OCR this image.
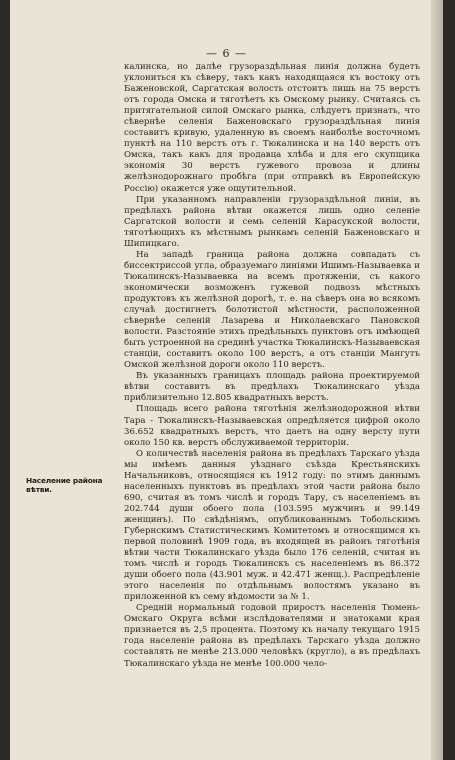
— 6 —
Население района вѣтви.

калинска, но далѣе грузораздѣльная линія должна будетъ уклониться къ сѣверу, такъ какъ находящаяся къ востоку отъ Баженовской, Саргатская волость отстоитъ лишь на 75 верстъ отъ города Омска и тяготѣетъ къ Омскому рынку. Считаясь съ притягательной силой Омскаго рынка, слѣдуетъ признать, что сѣвернѣе селенія Баженовскаго грузораздѣльная линія составитъ кривую, удаленную въ своемъ наиболѣе восточномъ пунктѣ на 110 верстъ отъ г. Тюкалинска и на 140 верстъ отъ Омска, такъ какъ для продавца хлѣба и для его скупщика экономія 30 верстъ гужевого провоза и длины желѣзнодорожнаго пробѣга (при отправкѣ въ Европейскую Россію) окажется уже ощутительной.

При указанномъ направленіи грузораздѣльной линіи, въ предѣлахъ района вѣтви окажется лишь одно селеніе Саргатской волости и семь селеній Карасукской волости, тяготѣющихъ къ мѣстнымъ рынкамъ селеній Баженовскаго и Шипицкаго.

На западѣ граница района должна совпадать съ биссектриссой угла, образуемаго линіями Ишимъ-Называевка и Тюкалинскъ-Называевка на всемъ протяженіи, съ какого экономически возможенъ гужевой подвозъ мѣстныхъ продуктовъ къ желѣзной дорогѣ, т. е. на сѣверъ она во всякомъ случаѣ достигнетъ болотистой мѣстности, расположенной сѣвернѣе селеній Лазарева и Николаевскаго Пановской волости. Разстояніе этихъ предѣльныхъ пунктовъ отъ имѣющей быть устроенной на срединѣ участка Тюкалинскъ-Называевская станціи, составитъ около 100 верстъ, а отъ станціи Мангутъ Омской желѣзной дороги около 110 верстъ.

Въ указанныхъ границахъ площадь района проектируемой вѣтви составитъ въ предѣлахъ Тюкалинскаго уѣзда приблизительно 12.805 квадратныхъ верстъ.

Площадь всего района тяготѣнія желѣзнодорожной вѣтви Тара - Тюкалинскъ-Называевская опредѣляется цифрой около 36.652 квадратныхъ верстъ, что даетъ на одну версту пути около 150 кв. верстъ обслуживаемой территоріи.

О количествѣ населенія района въ предѣлахъ Тарскаго уѣзда мы имѣемъ данныя уѣзднаго съѣзда Крестьянскихъ Начальниковъ, относящіяся къ 1912 году: по этимъ даннымъ населенныхъ пунктовъ въ предѣлахъ этой части района было 690, считая въ томъ числѣ и городъ Тару, съ населеніемъ въ 202.744 души обоего пола (103.595 мужчинъ и 99.149 женщинъ). По свѣдѣніямъ, опубликованнымъ Тобольскимъ Губернскимъ Статистическимъ Комитетомъ и относящимся къ первой половинѣ 1909 года, въ входящей въ районъ тяготѣнія вѣтви части Тюкалинскаго уѣзда было 176 селеній, считая въ томъ числѣ и городъ Тюкалинскъ съ населеніемъ въ 86.372 души обоего пола (43.901 муж. и 42.471 женщ.). Распредѣленіе этого населенія по отдѣльнымъ волостямъ указано въ приложенной къ сему вѣдомости за № 1.

Средній нормальный годовой приростъ населенія Тюмень-Омскаго Округа всѣми изслѣдователями и знатоками края признается въ 2,5 процента. Поэтому къ началу текущаго 1915 года населеніе района въ предѣлахъ Тарскаго уѣзда должно составлять не менѣе 213.000 человѣкъ (кругло), а въ предѣлахъ Тюкалинскаго уѣзда не менѣе 100.000 чело-
